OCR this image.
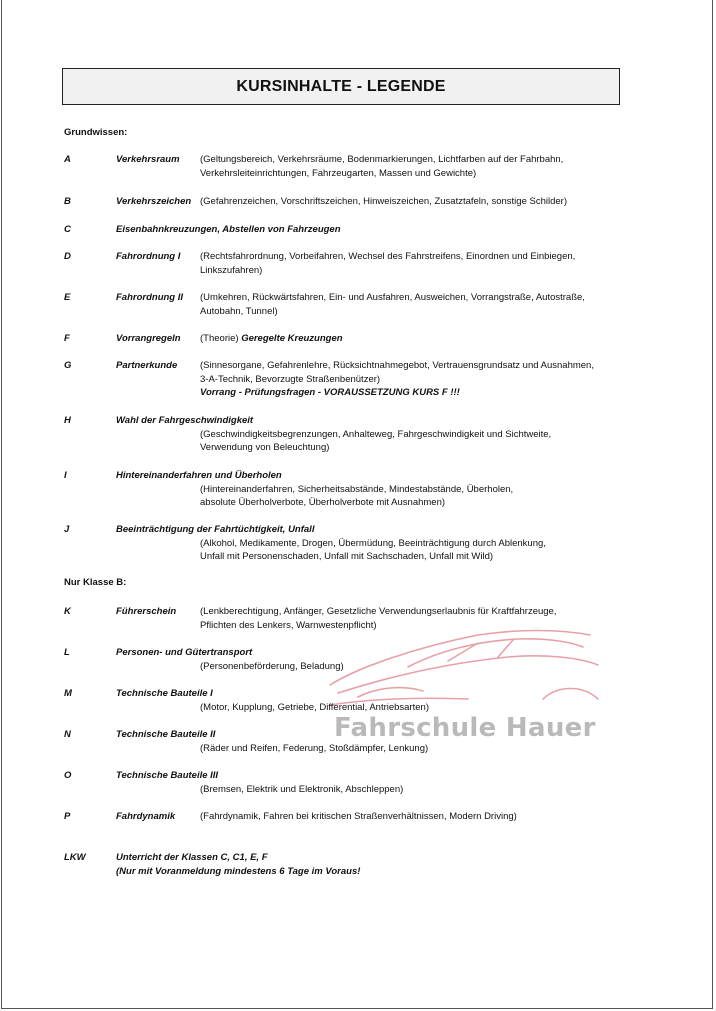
KURSINHALTE - LEGENDE
Grundwissen:
Nur Klasse B:
Fahrschule Hauer
A	Verkehrsraum (Geltungsbereich, Verkehrsräume, Bodenmarkierungen, Lichtfarben auf der Fahrbahn,
Verkehrsleiteinrichtungen, Fahrzeugarten, Massen und Gewichte)
B	Verkehrszeichen (Gefahrenzeichen, Vorschriftszeichen, Hinweiszeichen, Zusatztafeln, sonstige Schilder)
C	Eisenbahnkreuzungen, Abstellen von Fahrzeugen
D	Fahrordnung I (Rechtsfahrordnung, Vorbeifahren, Wechsel des Fahrstreifens, Einordnen und Einbiegen,
Linkszufahren)
E	Fahrordnung II (Umkehren, Rückwärtsfahren, Ein- und Ausfahren, Ausweichen, Vorrangstraße, Autostraße,
Autobahn, Tunnel)
F	Vorrangregeln (Theorie) Geregelte Kreuzungen
G	Partnerkunde (Sinnesorgane, Gefahrenlehre, Rücksichtnahmegebot, Vertrauensgrundsatz und Ausnahmen,
3-A-Technik, Bevorzugte Straßenbenützer)
Vorrang - Prüfungsfragen - VORAUSSETZUNG KURS F !!!
H	Wahl der Fahrgeschwindigkeit
(Geschwindigkeitsbegrenzungen, Anhalteweg, Fahrgeschwindigkeit und Sichtweite,
Verwendung von Beleuchtung)
I	Hintereinanderfahren und Überholen
(Hintereinanderfahren, Sicherheitsabstände, Mindestabstände, Überholen,
absolute Überholverbote, Überholverbote mit Ausnahmen)
J	Beeinträchtigung der Fahrtüchtigkeit, Unfall
(Alkohol, Medikamente, Drogen, Übermüdung, Beeinträchtigung durch Ablenkung,
Unfall mit Personenschaden, Unfall mit Sachschaden, Unfall mit Wild)
K	Führerschein	(Lenkberechtigung, Anfänger, Gesetzliche Verwendungserlaubnis für Kraftfahrzeuge,
Pflichten des Lenkers, Warnwestenpflicht)
L	Personen- und Gütertransport
(Personenbeförderung, Beladung)
M	Technische Bauteile I
(Motor, Kupplung, Getriebe, Differential, Antriebsarten)
N	Technische Bauteile II
(Räder und Reifen, Federung, Stoßdämpfer, Lenkung)
O	Technische Bauteile III
(Bremsen, Elektrik und Elektronik, Abschleppen)
P	Fahrdynamik	(Fahrdynamik, Fahren bei kritischen Straßenverhältnissen, Modern Driving)
LKW	Unterricht der Klassen C, C1, E, F
(Nur mit Voranmeldung mindestens 6 Tage im Voraus!
